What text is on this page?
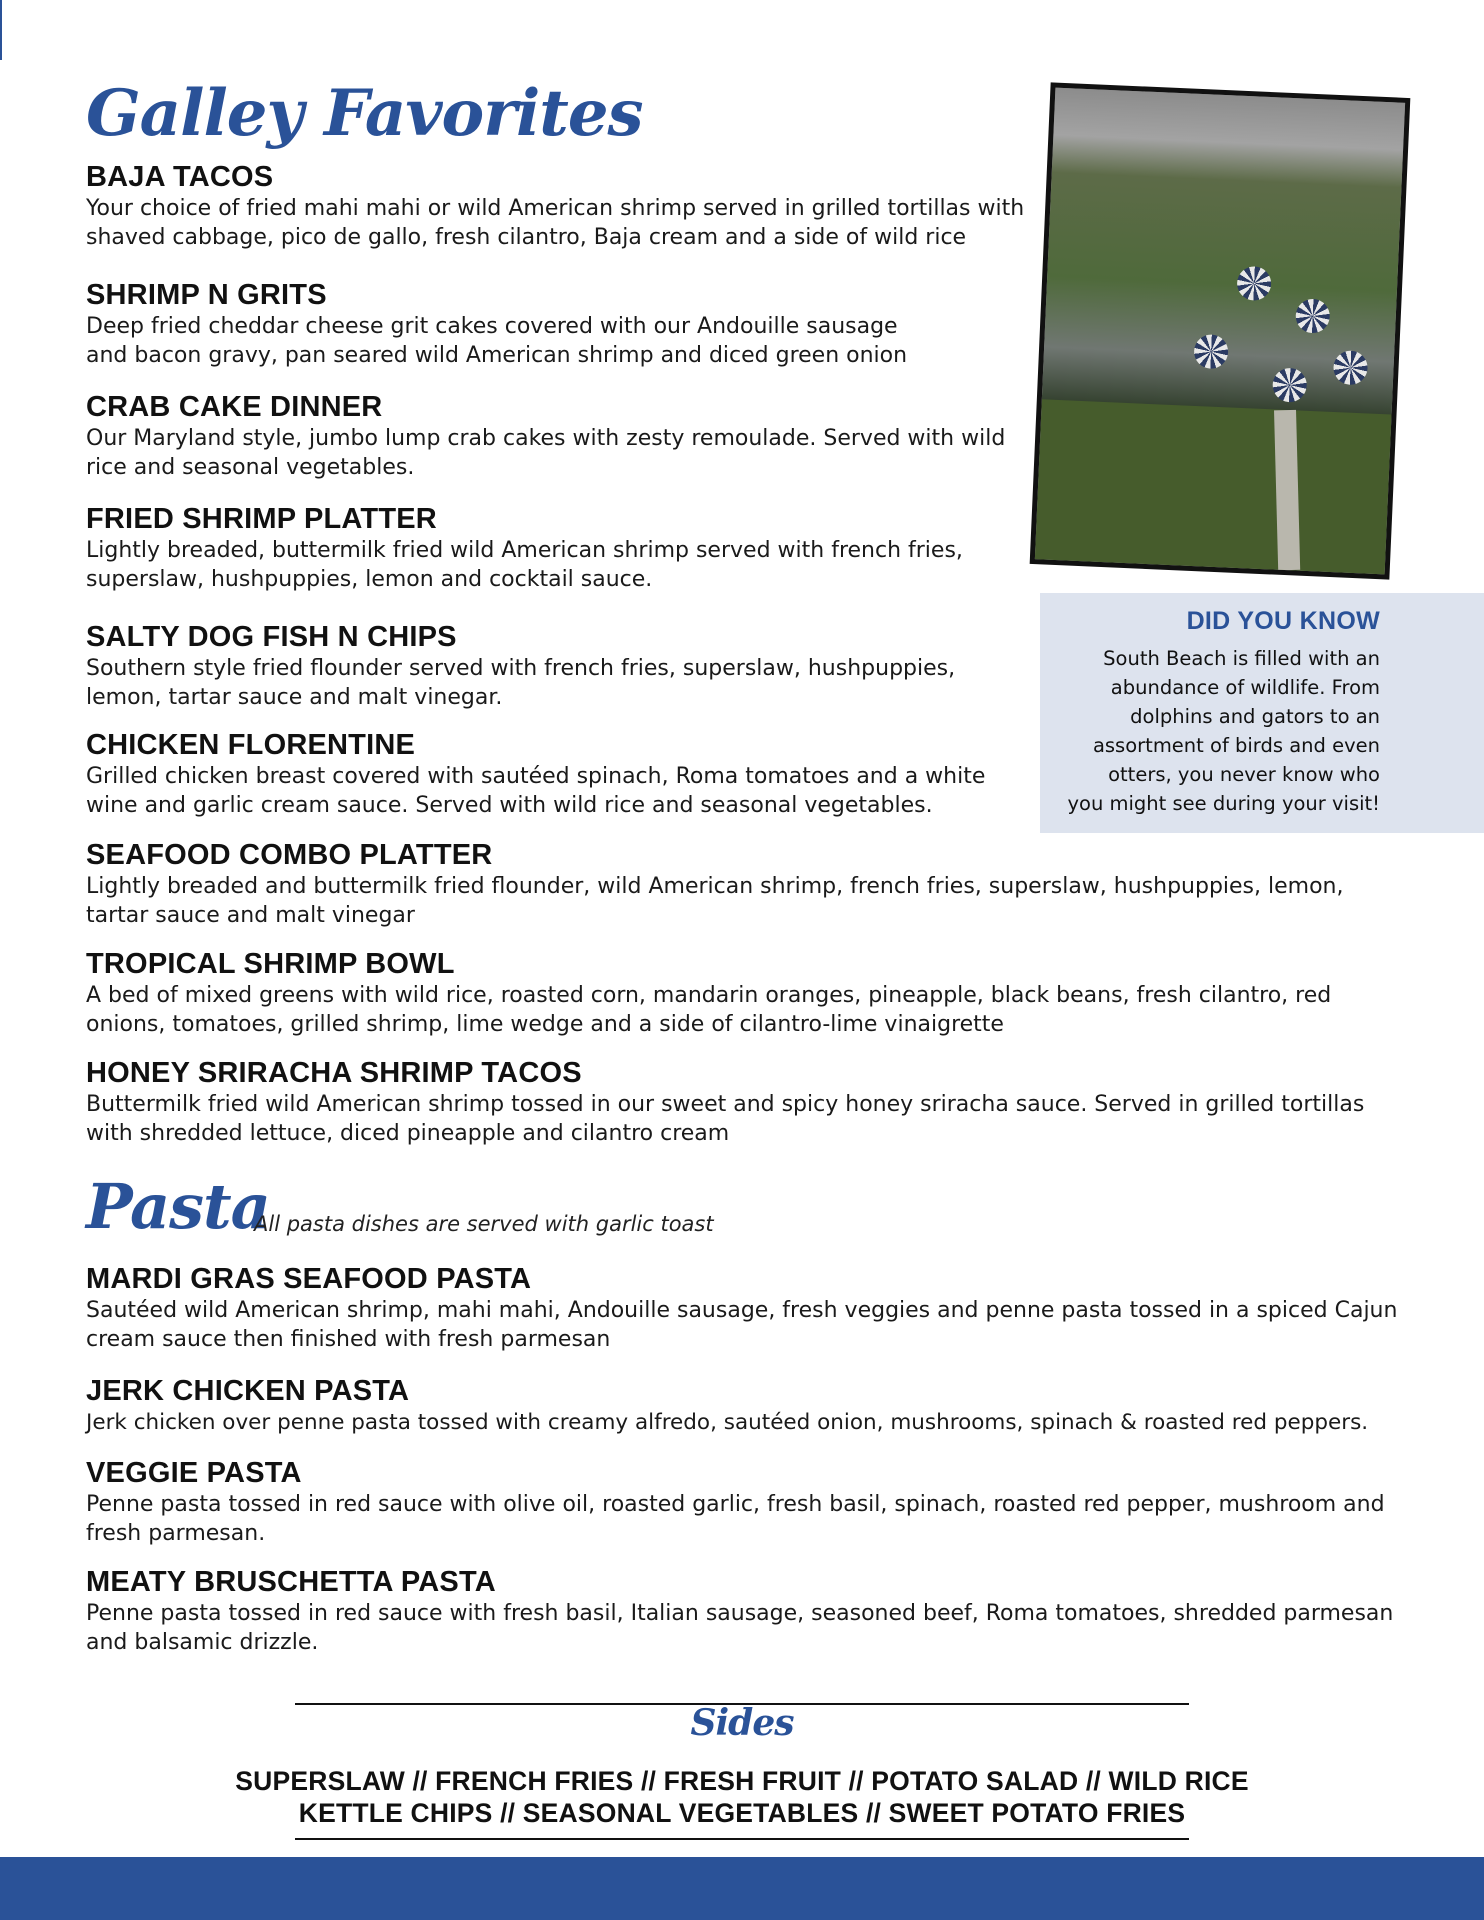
Galley Favorites
BAJA TACOS

Your choice of fried mahi mahi or wild American shrimp served in grilled tortillas with shaved cabbage, pico de gallo, fresh cilantro, Baja cream and a side of wild rice

SHRIMP N GRITS

Deep fried cheddar cheese grit cakes covered with our Andouille sausage and bacon gravy, pan seared wild American shrimp and diced green onion

CRAB CAKE DINNER

Our Maryland style, jumbo lump crab cakes with zesty remoulade. Served with wild rice and seasonal vegetables.

FRIED SHRIMP PLATTER

Lightly breaded, buttermilk fried wild American shrimp served with french fries, superslaw, hushpuppies, lemon and cocktail sauce.

SALTY DOG FISH N CHIPS

Southern style fried flounder served with french fries, superslaw, hushpuppies, lemon, tartar sauce and malt vinegar.

CHICKEN FLORENTINE

Grilled chicken breast covered with sautéed spinach, Roma tomatoes and a white wine and garlic cream sauce. Served with wild rice and seasonal vegetables.

SEAFOOD COMBO PLATTER

Lightly breaded and buttermilk fried flounder, wild American shrimp, french fries, superslaw, hushpuppies, lemon, tartar sauce and malt vinegar

TROPICAL SHRIMP BOWL

A bed of mixed greens with wild rice, roasted corn, mandarin oranges, pineapple, black beans, fresh cilantro, red onions, tomatoes, grilled shrimp, lime wedge and a side of cilantro-lime vinaigrette

HONEY SRIRACHA SHRIMP TACOS

Buttermilk fried wild American shrimp tossed in our sweet and spicy honey sriracha sauce. Served in grilled tortillas with shredded lettuce, diced pineapple and cilantro cream

DID YOU KNOW

South Beach is filled with an

abundance of wildlife. From

dolphins and gators to an

assortment of birds and even

otters, you never know who

you might see during your visit!

Pasta
All pasta dishes are served with garlic toast
MARDI GRAS SEAFOOD PASTA

Sautéed wild American shrimp, mahi mahi, Andouille sausage, fresh veggies and penne pasta tossed in a spiced Cajun cream sauce then finished with fresh parmesan

JERK CHICKEN PASTA

Jerk chicken over penne pasta tossed with creamy alfredo, sautéed onion, mushrooms, spinach & roasted red peppers.

VEGGIE PASTA

Penne pasta tossed in red sauce with olive oil, roasted garlic, fresh basil, spinach, roasted red pepper, mushroom and fresh parmesan.

MEATY BRUSCHETTA PASTA

Penne pasta tossed in red sauce with fresh basil, Italian sausage, seasoned beef, Roma tomatoes, shredded parmesan and balsamic drizzle.

Sides
SUPERSLAW // FRENCH FRIES // FRESH FRUIT // POTATO SALAD // WILD RICE
KETTLE CHIPS // SEASONAL VEGETABLES // SWEET POTATO FRIES
